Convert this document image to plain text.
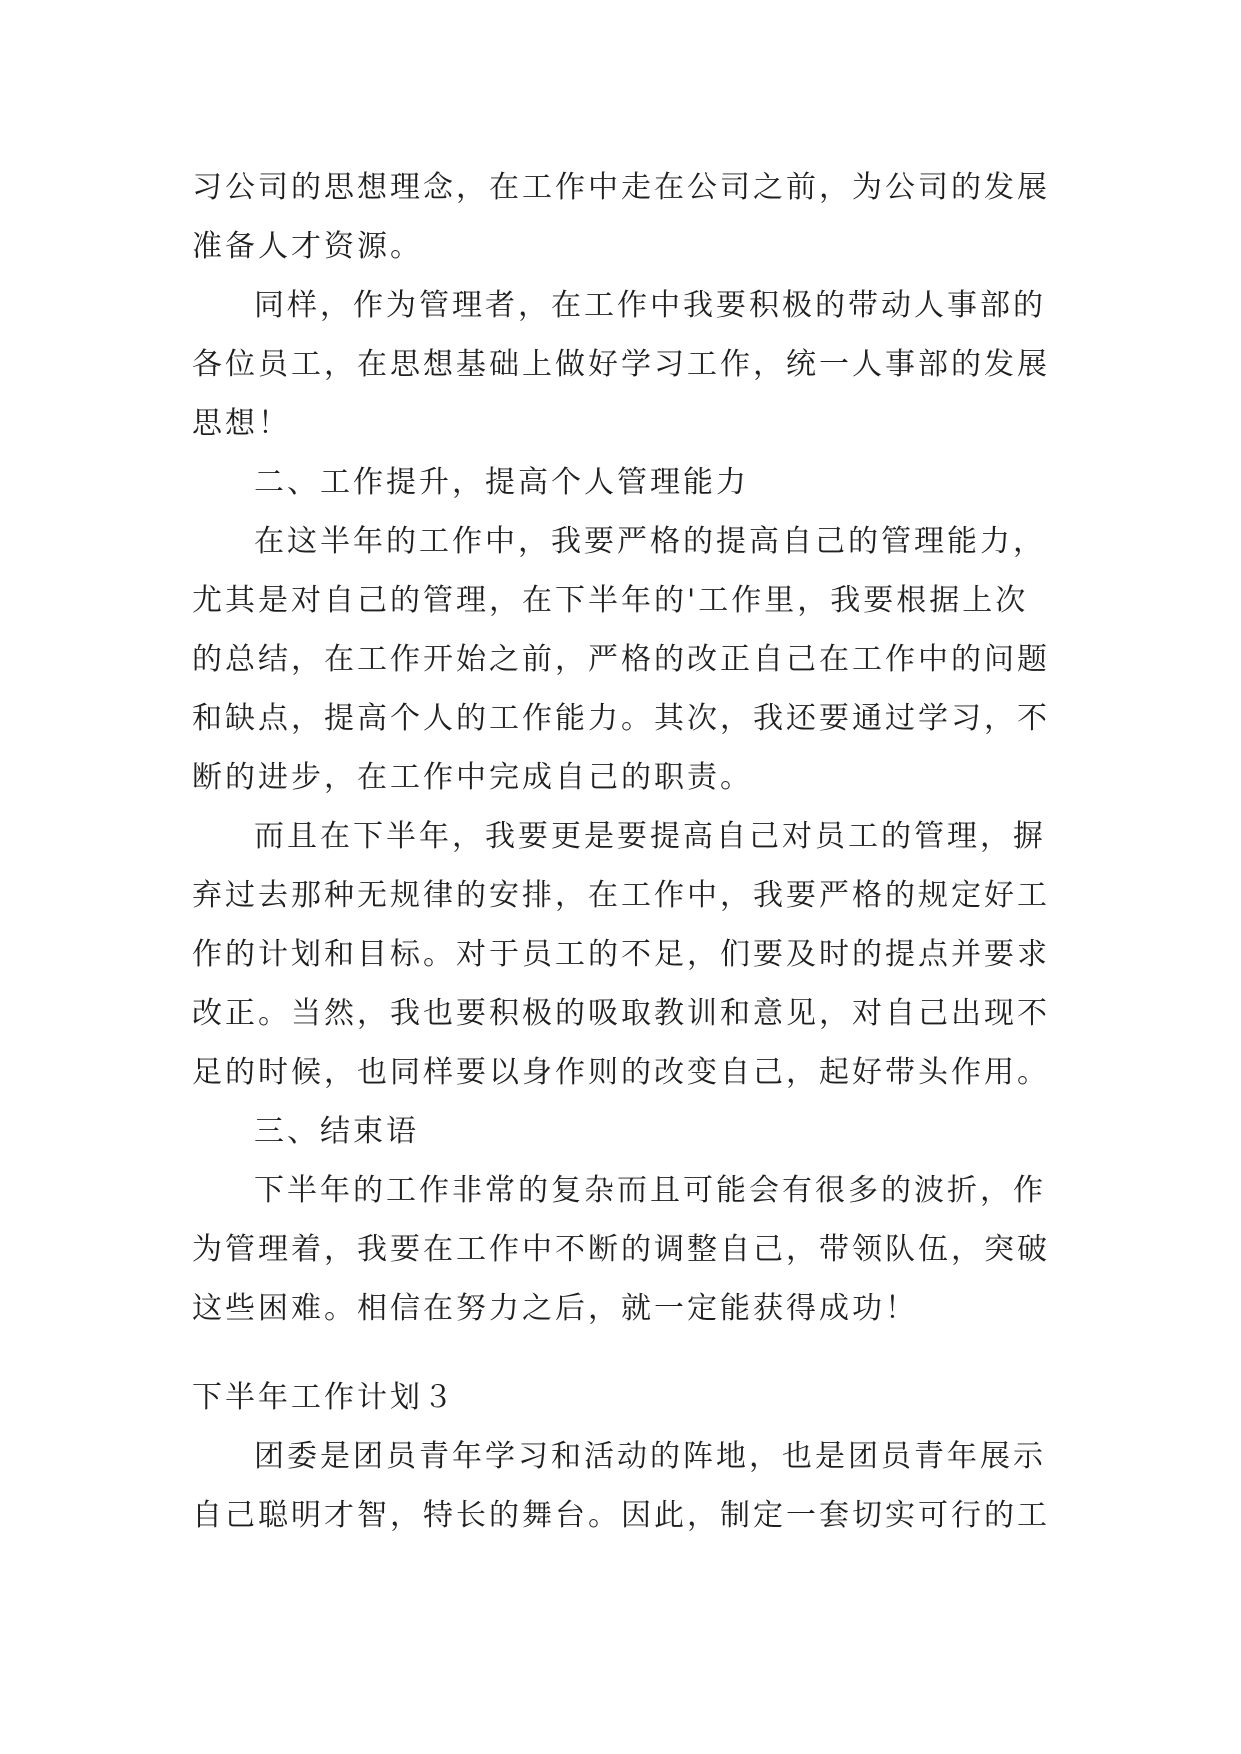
习公司的思想理念，在工作中走在公司之前，为公司的发展
准备人才资源。
同样，作为管理者，在工作中我要积极的带动人事部的
各位员工，在思想基础上做好学习工作，统一人事部的发展
思想！
二、工作提升，提高个人管理能力
在这半年的工作中，我要严格的提高自己的管理能力，
尤其是对自己的管理，在下半年的'工作里，我要根据上次
的总结，在工作开始之前，严格的改正自己在工作中的问题
和缺点，提高个人的工作能力。其次，我还要通过学习，不
断的进步，在工作中完成自己的职责。
而且在下半年，我要更是要提高自己对员工的管理，摒
弃过去那种无规律的安排，在工作中，我要严格的规定好工
作的计划和目标。对于员工的不足，们要及时的提点并要求
改正。当然，我也要积极的吸取教训和意见，对自己出现不
足的时候，也同样要以身作则的改变自己，起好带头作用。
三、结束语
下半年的工作非常的复杂而且可能会有很多的波折，作
为管理着，我要在工作中不断的调整自己，带领队伍，突破
这些困难。相信在努力之后，就一定能获得成功！
下半年工作计划３
团委是团员青年学习和活动的阵地，也是团员青年展示
自己聪明才智，特长的舞台。因此，制定一套切实可行的工
